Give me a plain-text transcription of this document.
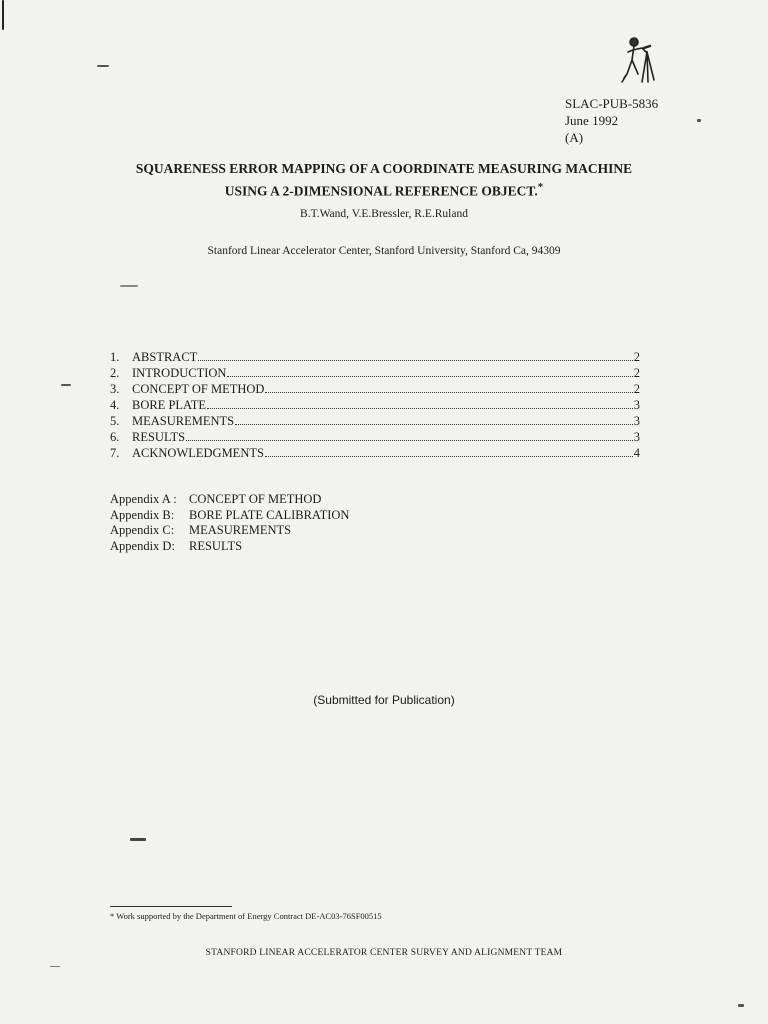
SLAC-PUB-5836
June 1992
(A)
SQUARENESS ERROR MAPPING OF A COORDINATE MEASURING MACHINE
USING A 2-DIMENSIONAL REFERENCE OBJECT.*
B.T.Wand, V.E.Bressler, R.E.Ruland
Stanford Linear Accelerator Center, Stanford University, Stanford Ca, 94309
1.	ABSTRACT	2
2.	INTRODUCTION	2
3.	CONCEPT OF METHOD	2
4.	BORE PLATE	3
5.	MEASUREMENTS	3
6.	RESULTS	3
7.	ACKNOWLEDGMENTS	4
Appendix A : CONCEPT OF METHOD
Appendix B:	BORE PLATE CALIBRATION
Appendix C:	MEASUREMENTS
Appendix D:	RESULTS
(Submitted for Publication)
* Work supported by the Department of Energy Contract DE-AC03-76SF00515
STANFORD LINEAR ACCELERATOR CENTER SURVEY AND ALIGNMENT TEAM
